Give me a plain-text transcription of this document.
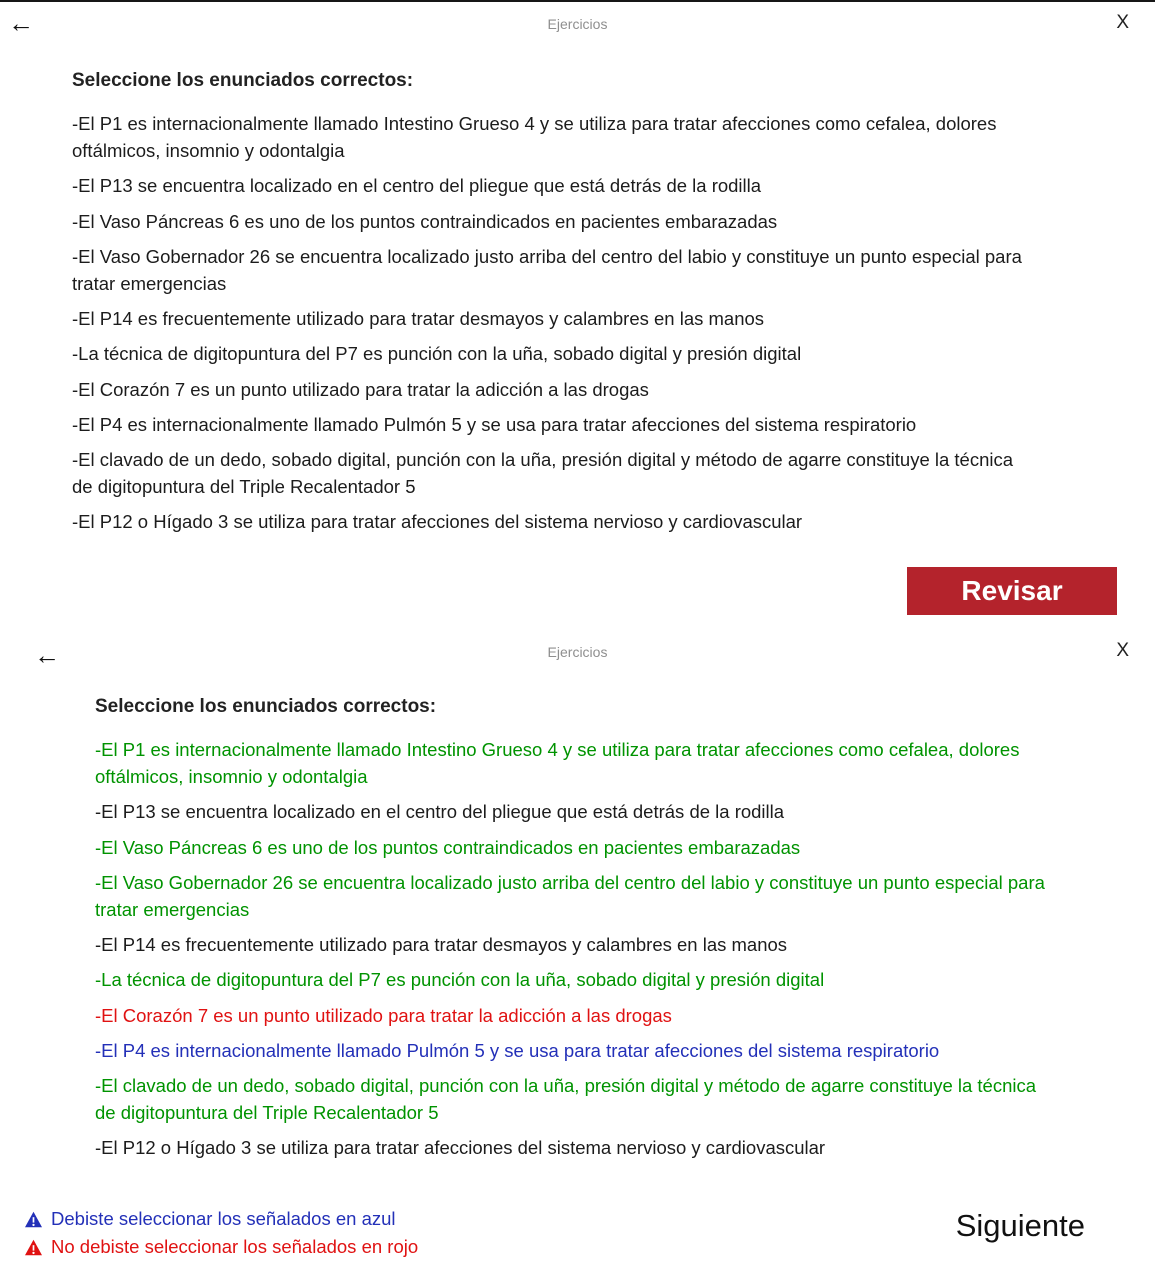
←	Ejercicios	X
Seleccione los enunciados correctos:

-El P1 es internacionalmente llamado Intestino Grueso 4 y se utiliza para tratar afecciones como cefalea, dolores oftálmicos, insomnio y odontalgia

-El P13 se encuentra localizado en el centro del pliegue que está detrás de la rodilla

-El Vaso Páncreas 6 es uno de los puntos contraindicados en pacientes embarazadas

-El Vaso Gobernador 26 se encuentra localizado justo arriba del centro del labio y constituye un punto especial para tratar emergencias

-El P14 es frecuentemente utilizado para tratar desmayos y calambres en las manos

-La técnica de digitopuntura del P7 es punción con la uña, sobado digital y presión digital

-El Corazón 7 es un punto utilizado para tratar la adicción a las drogas

-El P4 es internacionalmente llamado Pulmón 5 y se usa para tratar afecciones del sistema respiratorio

-El clavado de un dedo, sobado digital, punción con la uña, presión digital y método de agarre constituye la técnica de digitopuntura del Triple Recalentador 5

-El P12 o Hígado 3 se utiliza para tratar afecciones del sistema nervioso y cardiovascular

Revisar
←	Ejercicios	X
Seleccione los enunciados correctos:

-El P1 es internacionalmente llamado Intestino Grueso 4 y se utiliza para tratar afecciones como cefalea, dolores oftálmicos, insomnio y odontalgia

-El P13 se encuentra localizado en el centro del pliegue que está detrás de la rodilla

-El Vaso Páncreas 6 es uno de los puntos contraindicados en pacientes embarazadas

-El Vaso Gobernador 26 se encuentra localizado justo arriba del centro del labio y constituye un punto especial para tratar emergencias

-El P14 es frecuentemente utilizado para tratar desmayos y calambres en las manos

-La técnica de digitopuntura del P7 es punción con la uña, sobado digital y presión digital

-El Corazón 7 es un punto utilizado para tratar la adicción a las drogas

-El P4 es internacionalmente llamado Pulmón 5 y se usa para tratar afecciones del sistema respiratorio

-El clavado de un dedo, sobado digital, punción con la uña, presión digital y método de agarre constituye la técnica de digitopuntura del Triple Recalentador 5

-El P12 o Hígado 3 se utiliza para tratar afecciones del sistema nervioso y cardiovascular

Debiste seleccionar los señalados en azul
No debiste seleccionar los señalados en rojo
Siguiente
